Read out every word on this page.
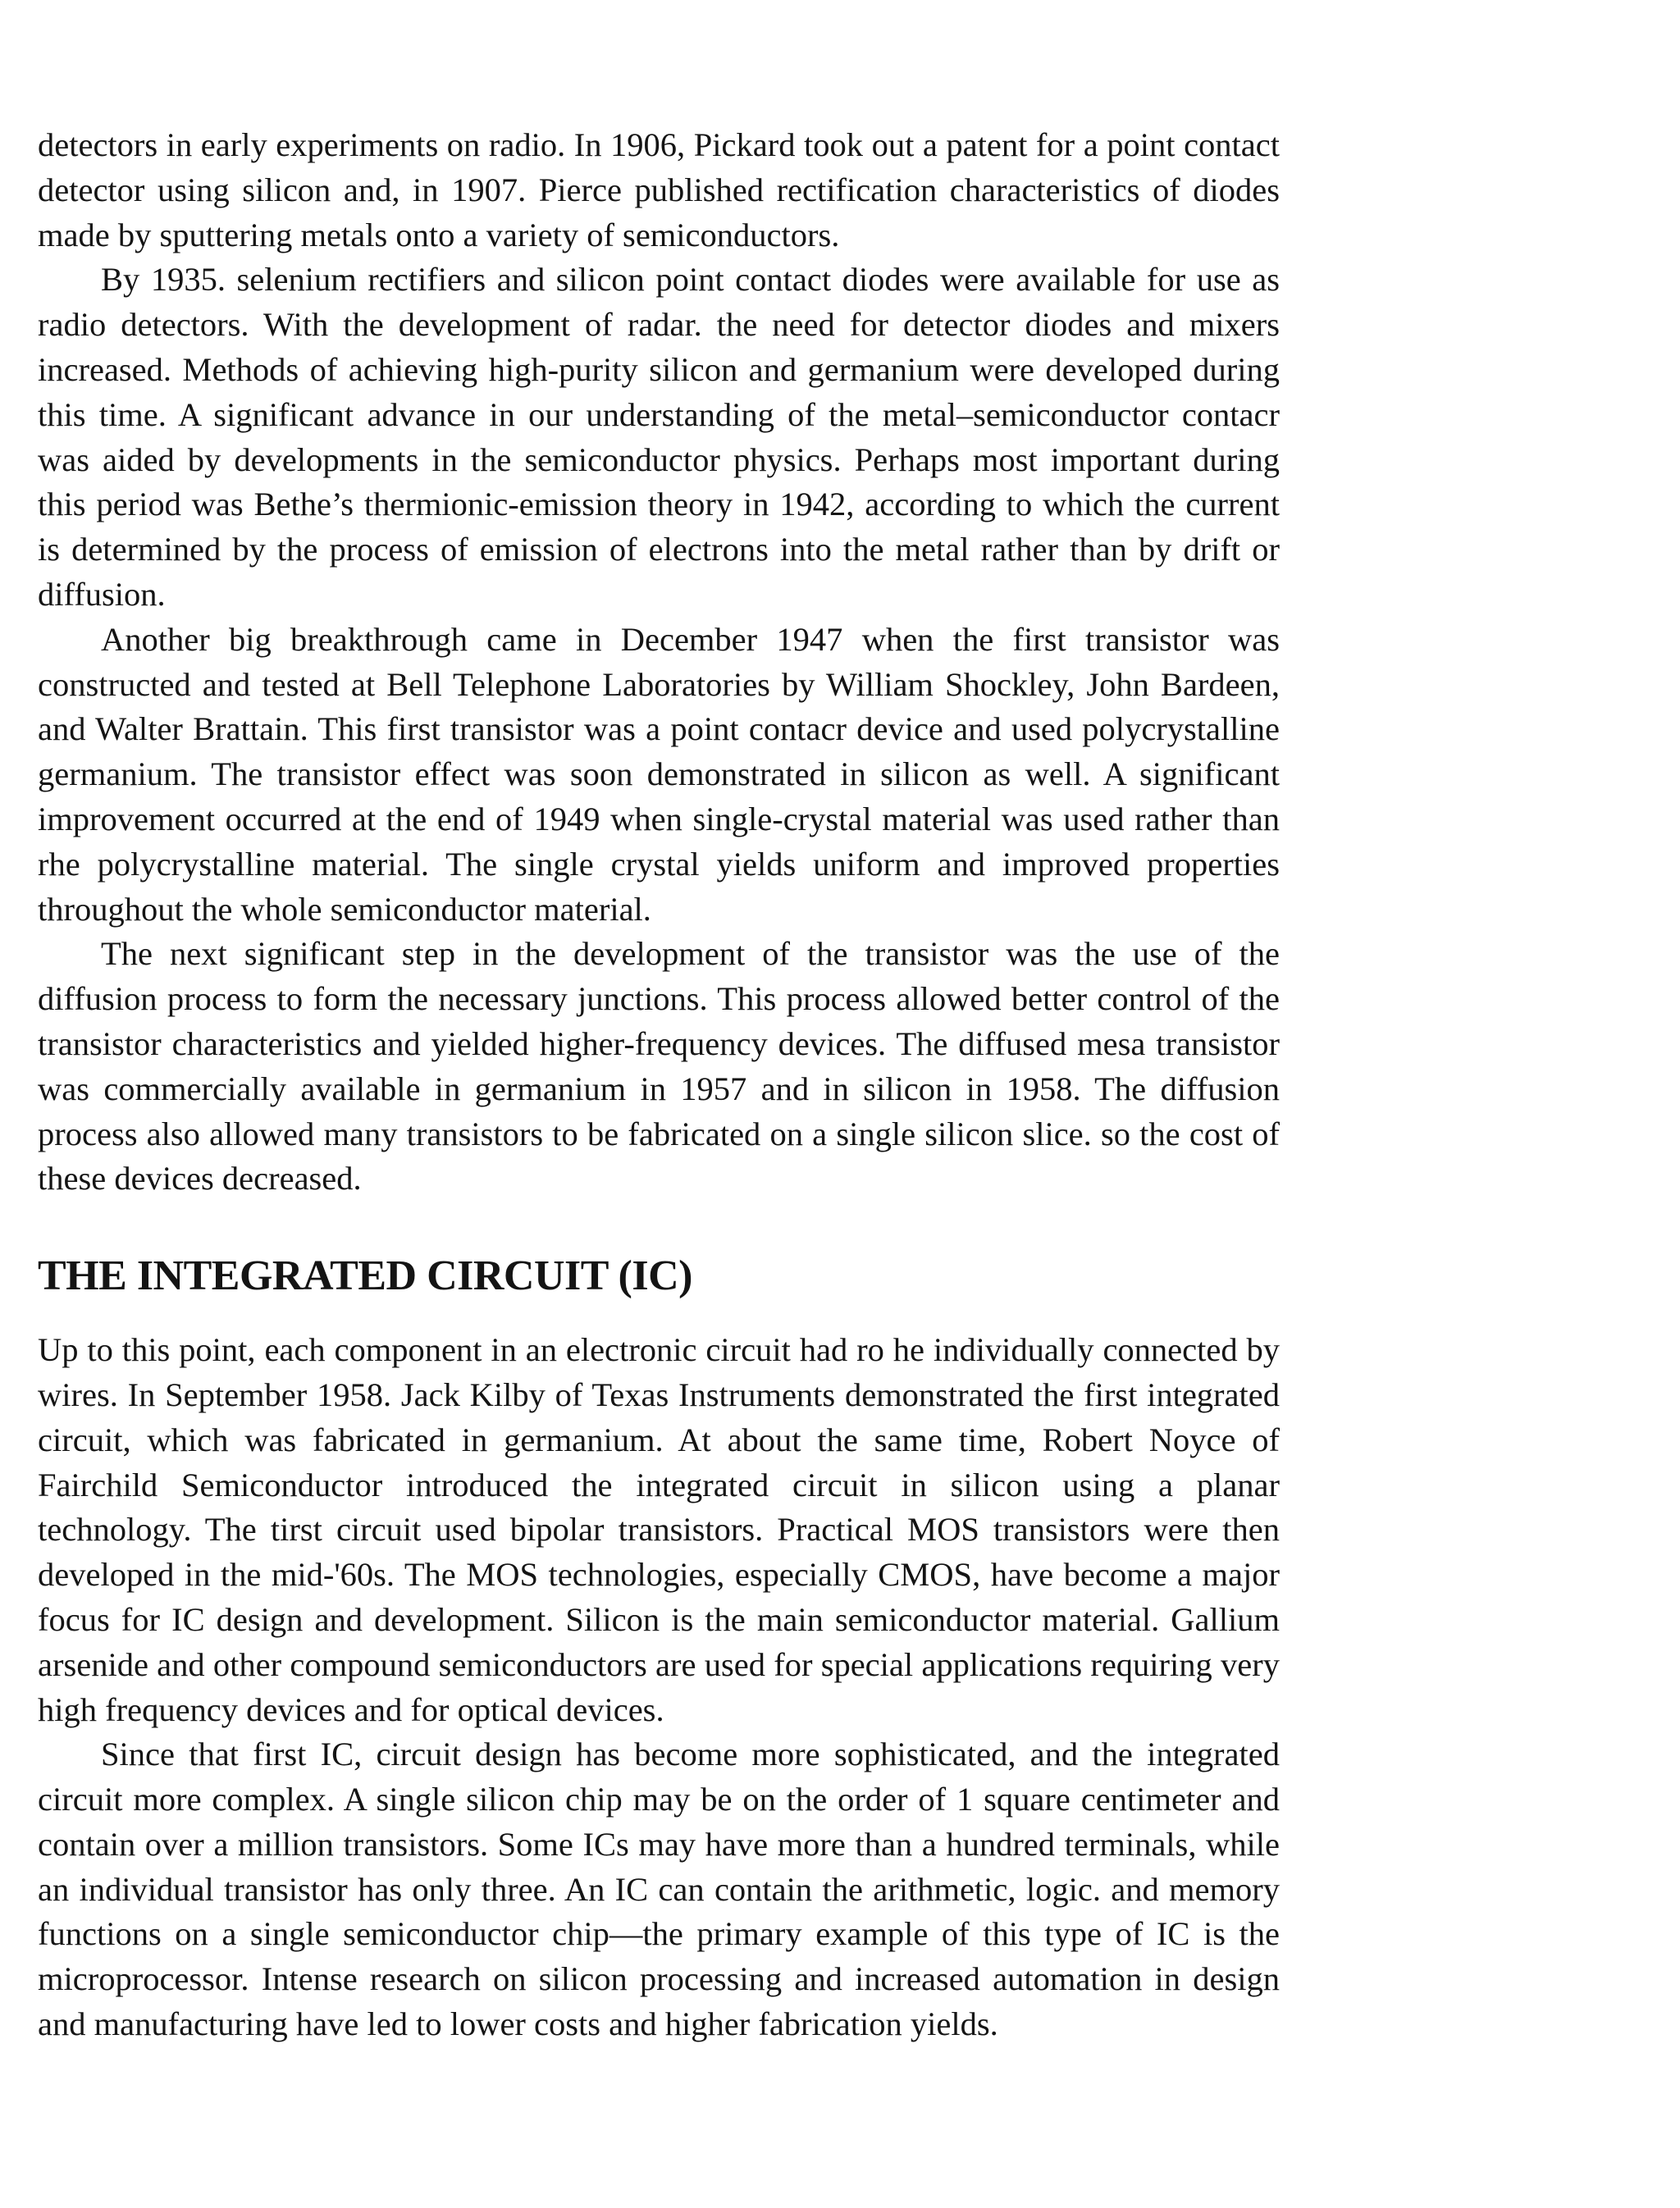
detectors in early experiments on radio. In 1906, Pickard took out a patent for a point contact detector using silicon and, in 1907. Pierce published rectification characteristics of diodes made by sputtering metals onto a variety of semiconductors.

By 1935. selenium rectifiers and silicon point contact diodes were available for use as radio detectors. With the development of radar. the need for detector diodes and mixers increased. Methods of achieving high-purity silicon and germanium were developed during this time. A significant advance in our understanding of the metal–semiconductor contacr was aided by developments in the semiconductor physics. Perhaps most important during this period was Bethe’s thermionic-emission theory in 1942, according to which the current is determined by the process of emission of electrons into the metal rather than by drift or diffusion.

Another big breakthrough came in December 1947 when the first transistor was constructed and tested at Bell Telephone Laboratories by William Shockley, John Bardeen, and Walter Brattain. This first transistor was a point contacr device and used polycrystalline germanium. The transistor effect was soon demonstrated in silicon as well. A significant improvement occurred at the end of 1949 when single-crystal material was used rather than rhe polycrystalline material. The single crystal yields uniform and improved properties throughout the whole semiconductor material.

The next significant step in the development of the transistor was the use of the diffusion process to form the necessary junctions. This process allowed better control of the transistor characteristics and yielded higher-frequency devices. The diffused mesa transistor was commercially available in germanium in 1957 and in silicon in 1958. The diffusion process also allowed many transistors to be fabricated on a single silicon slice. so the cost of these devices decreased.

THE INTEGRATED CIRCUIT (IC)

Up to this point, each component in an electronic circuit had ro he individually connected by wires. In September 1958. Jack Kilby of Texas Instruments demonstrated the first integrated circuit, which was fabricated in germanium. At about the same time, Robert Noyce of Fairchild Semiconductor introduced the integrated circuit in silicon using a planar technology. The tirst circuit used bipolar transistors. Practical MOS transistors were then developed in the mid-'60s. The MOS technologies, especially CMOS, have become a major focus for IC design and development. Silicon is the main semiconductor material. Gallium arsenide and other compound semiconductors are used for special applications requiring very high frequency devices and for optical devices.

Since that first IC, circuit design has become more sophisticated, and the integrated circuit more complex. A single silicon chip may be on the order of 1 square centimeter and contain over a million transistors. Some ICs may have more than a hundred terminals, while an individual transistor has only three. An IC can contain the arithmetic, logic. and memory functions on a single semiconductor chip—the primary example of this type of IC is the microprocessor. Intense research on silicon processing and increased automation in design and manufacturing have led to lower costs and higher fabrication yields.
